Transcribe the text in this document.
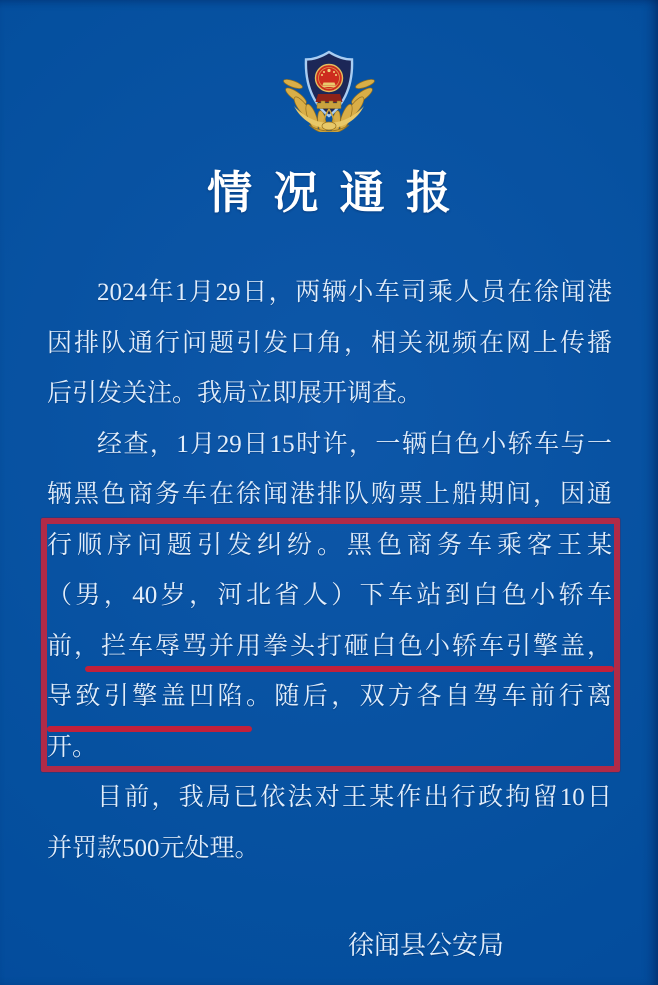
情 况 通 报
2024年1月29日，两辆小车司乘人员在徐闻港
因排队通行问题引发口角，相关视频在网上传播
后引发关注。我局立即展开调查。
经查，1月29日15时许，一辆白色小轿车与一
辆黑色商务车在徐闻港排队购票上船期间，因通
行顺序问题引发纠纷。黑色商务车乘客王某
（男，40岁，河北省人）下车站到白色小轿车
前，拦车辱骂并用拳头打砸白色小轿车引擎盖，
导致引擎盖凹陷。随后，双方各自驾车前行离
开。
目前，我局已依法对王某作出行政拘留10日
并罚款500元处理。
徐闻县公安局
